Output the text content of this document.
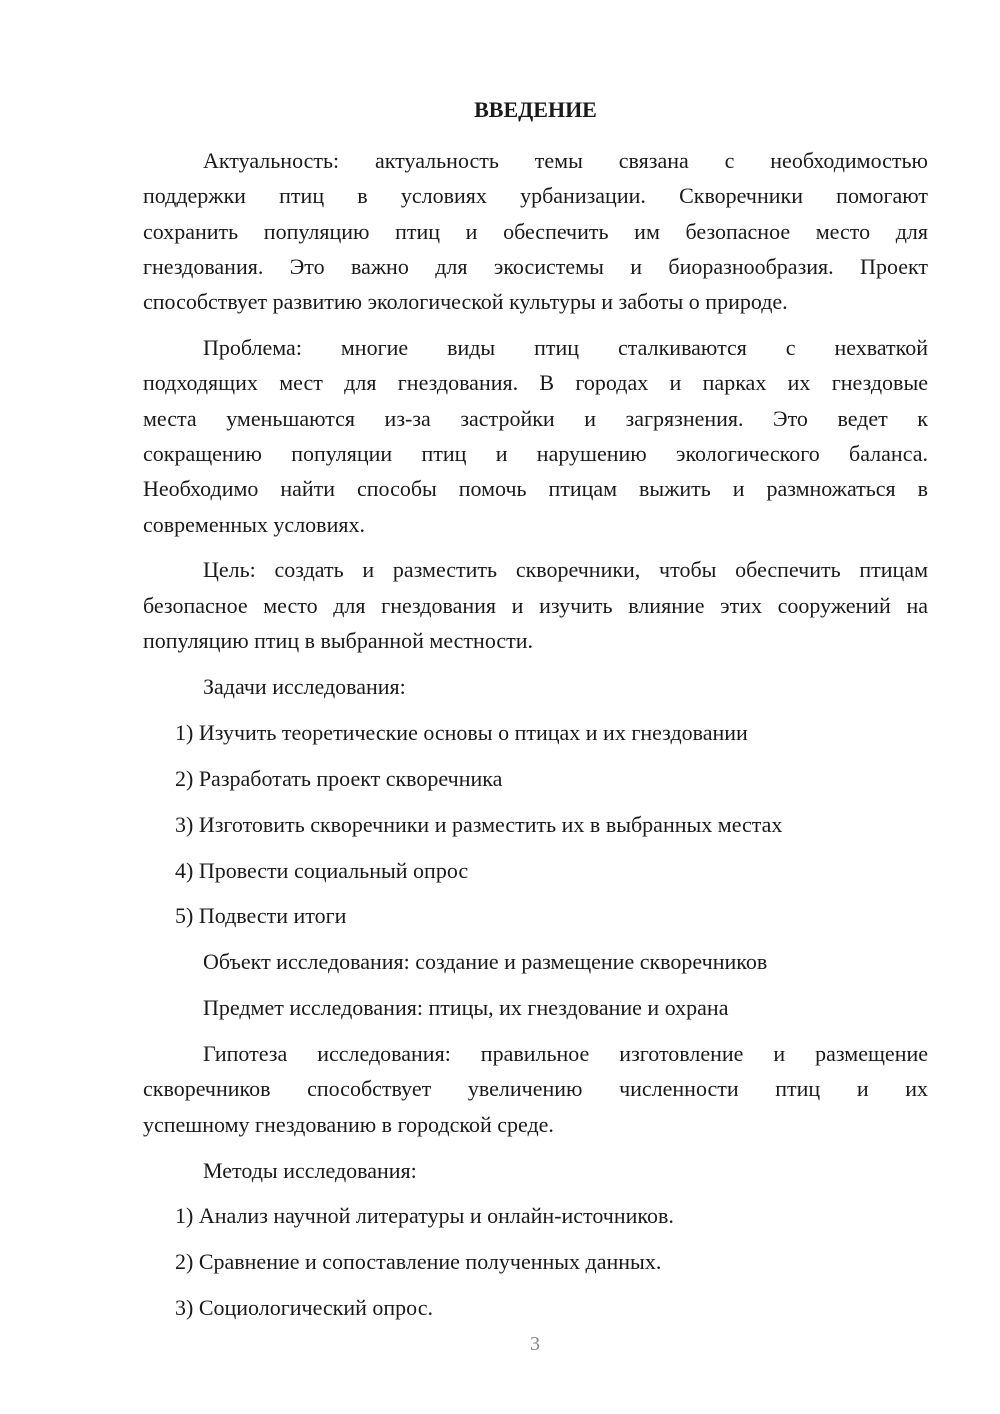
ВВЕДЕНИЕ
Актуальность: актуальность темы связана с необходимостью
поддержки птиц в условиях урбанизации. Скворечники помогают
сохранить популяцию птиц и обеспечить им безопасное место для
гнездования. Это важно для экосистемы и биоразнообразия. Проект
способствует развитию экологической культуры и заботы о природе.
Проблема: многие виды птиц сталкиваются с нехваткой
подходящих мест для гнездования. В городах и парках их гнездовые
места уменьшаются из-за застройки и загрязнения. Это ведет к
сокращению популяции птиц и нарушению экологического баланса.
Необходимо найти способы помочь птицам выжить и размножаться в
современных условиях.
Цель: создать и разместить скворечники, чтобы обеспечить птицам
безопасное место для гнездования и изучить влияние этих сооружений на
популяцию птиц в выбранной местности.
Задачи исследования:
1) Изучить теоретические основы о птицах и их гнездовании
2) Разработать проект скворечника
3) Изготовить скворечники и разместить их в выбранных местах
4) Провести социальный опрос
5) Подвести итоги
Объект исследования: создание и размещение скворечников
Предмет исследования: птицы, их гнездование и охрана
Гипотеза исследования: правильное изготовление и размещение
скворечников способствует увеличению численности птиц и их
успешному гнездованию в городской среде.
Методы исследования:
1) Анализ научной литературы и онлайн-источников.
2) Сравнение и сопоставление полученных данных.
3) Социологический опрос.
3
